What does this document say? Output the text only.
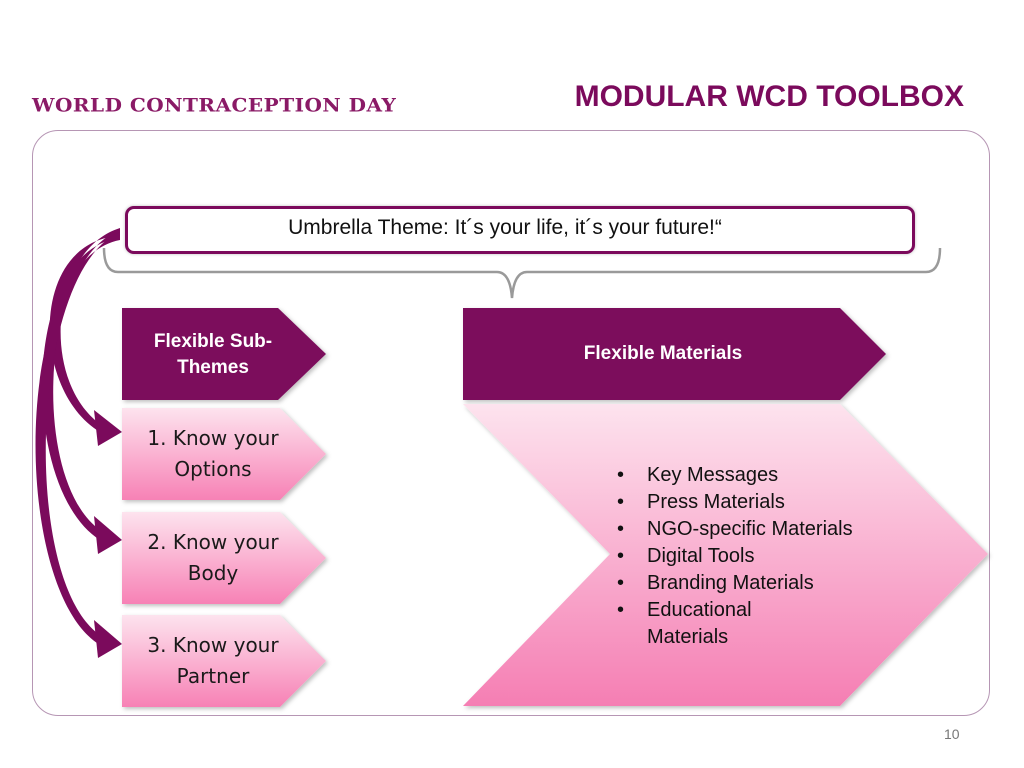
WORLD CONTRACEPTION DAY	MODULAR WCD TOOLBOX
Umbrella Theme: It´s your life, it´s your future!“
Flexible Sub-Themes
Flexible Materials
1. Know your
Options
2. Know your
Body
3. Know your
Partner
• Key Messages
• Press Materials
• NGO-specific Materials
• Digital Tools
• Branding Materials
• Educational Materials
10
